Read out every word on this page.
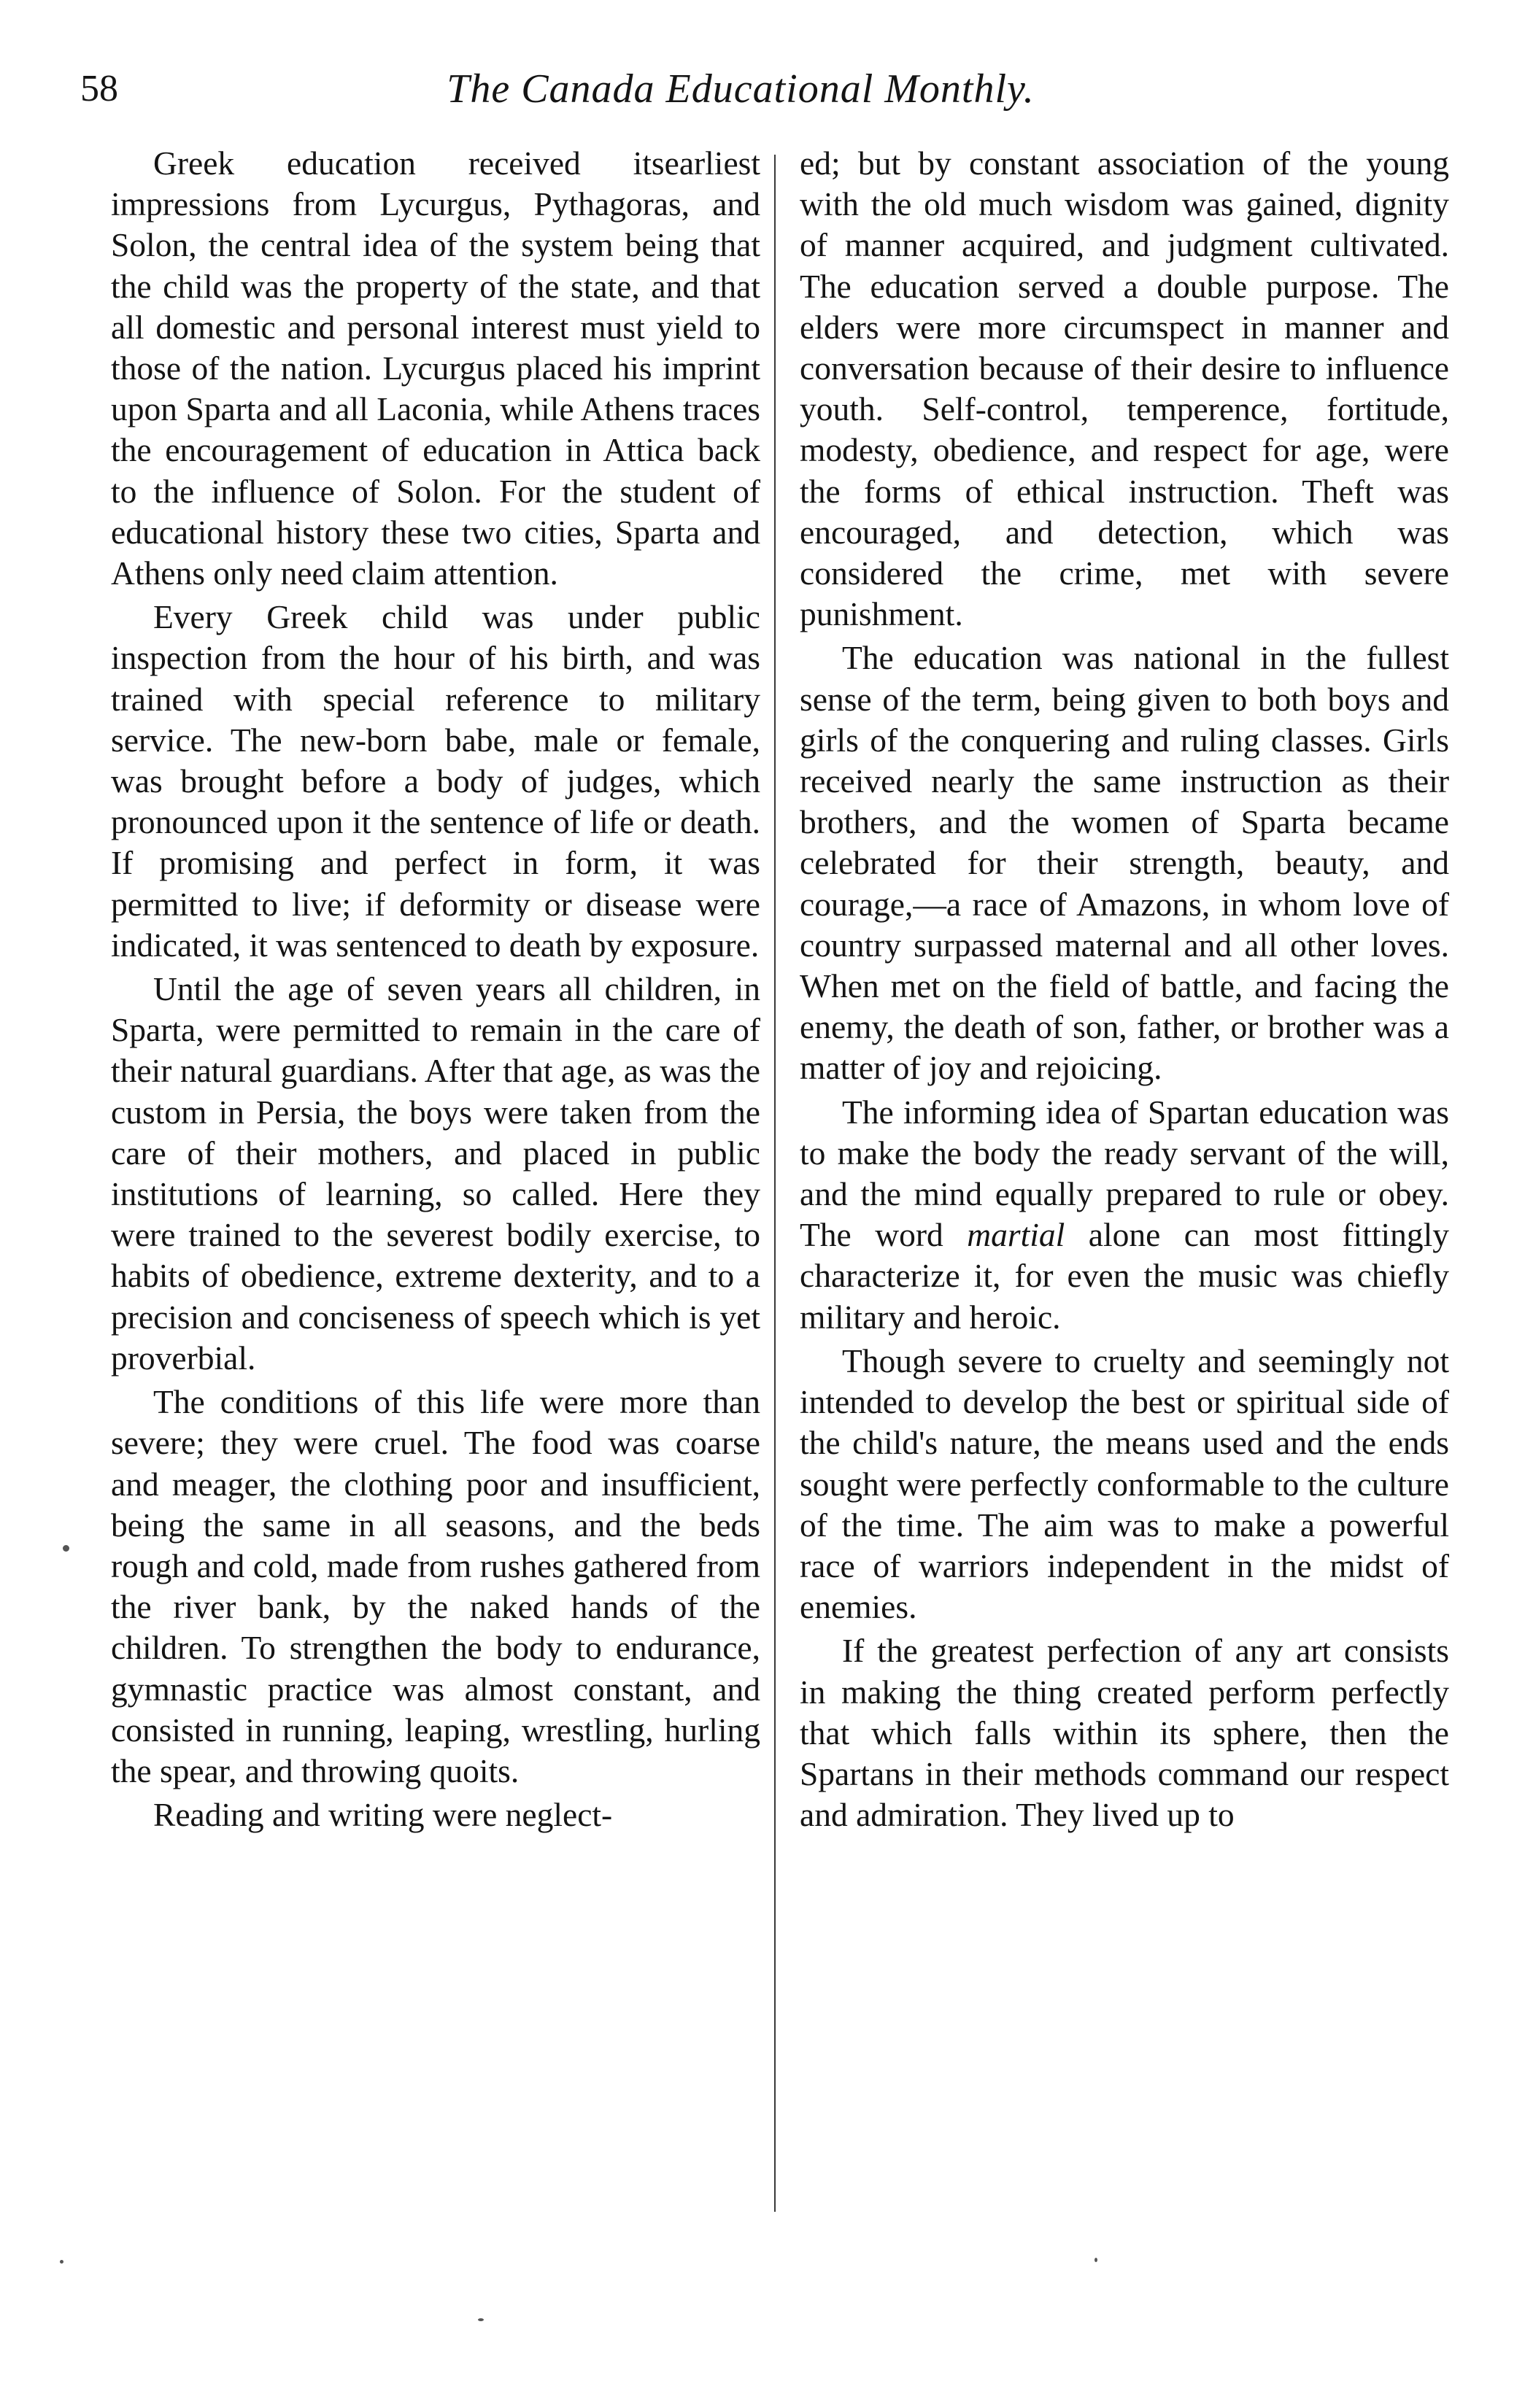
58	The Canada Educational Monthly.

Greek education received itsearliest impressions from Lycurgus, Pythagoras, and Solon, the central idea of the system being that the child was the property of the state, and that all domestic and personal interest must yield to those of the nation. Lycurgus placed his imprint upon Sparta and all Laconia, while Athens traces the encouragement of education in Attica back to the influence of Solon. For the student of educational history these two cities, Sparta and Athens only need claim attention.

Every Greek child was under public inspection from the hour of his birth, and was trained with special reference to military service. The new-born babe, male or female, was brought before a body of judges, which pronounced upon it the sentence of life or death. If promising and perfect in form, it was permitted to live; if deformity or disease were indicated, it was sentenced to death by exposure.

Until the age of seven years all children, in Sparta, were permitted to remain in the care of their natural guardians. After that age, as was the custom in Persia, the boys were taken from the care of their mothers, and placed in public institutions of learning, so called. Here they were trained to the severest bodily exercise, to habits of obedience, extreme dexterity, and to a precision and conciseness of speech which is yet proverbial.

The conditions of this life were more than severe; they were cruel. The food was coarse and meager, the clothing poor and insufficient, being the same in all seasons, and the beds rough and cold, made from rushes gathered from the river bank, by the naked hands of the children. To strengthen the body to endurance, gymnastic practice was almost constant, and consisted in running, leaping, wrestling, hurling the spear, and throwing quoits.

Reading and writing were neglect-

ed; but by constant association of the young with the old much wisdom was gained, dignity of manner acquired, and judgment cultivated. The education served a double purpose. The elders were more circumspect in manner and conversation because of their desire to influence youth. Self-control, temperence, fortitude, modesty, obedience, and respect for age, were the forms of ethical instruction. Theft was encouraged, and detection, which was considered the crime, met with severe punishment.

The education was national in the fullest sense of the term, being given to both boys and girls of the conquering and ruling classes. Girls received nearly the same instruction as their brothers, and the women of Sparta became celebrated for their strength, beauty, and courage,—a race of Amazons, in whom love of country surpassed maternal and all other loves. When met on the field of battle, and facing the enemy, the death of son, father, or brother was a matter of joy and rejoicing.

The informing idea of Spartan education was to make the body the ready servant of the will, and the mind equally prepared to rule or obey. The word martial alone can most fittingly characterize it, for even the music was chiefly military and heroic.

Though severe to cruelty and seemingly not intended to develop the best or spiritual side of the child's nature, the means used and the ends sought were perfectly conformable to the culture of the time. The aim was to make a powerful race of warriors independent in the midst of enemies.

If the greatest perfection of any art consists in making the thing created perform perfectly that which falls within its sphere, then the Spartans in their methods command our respect and admiration. They lived up to
